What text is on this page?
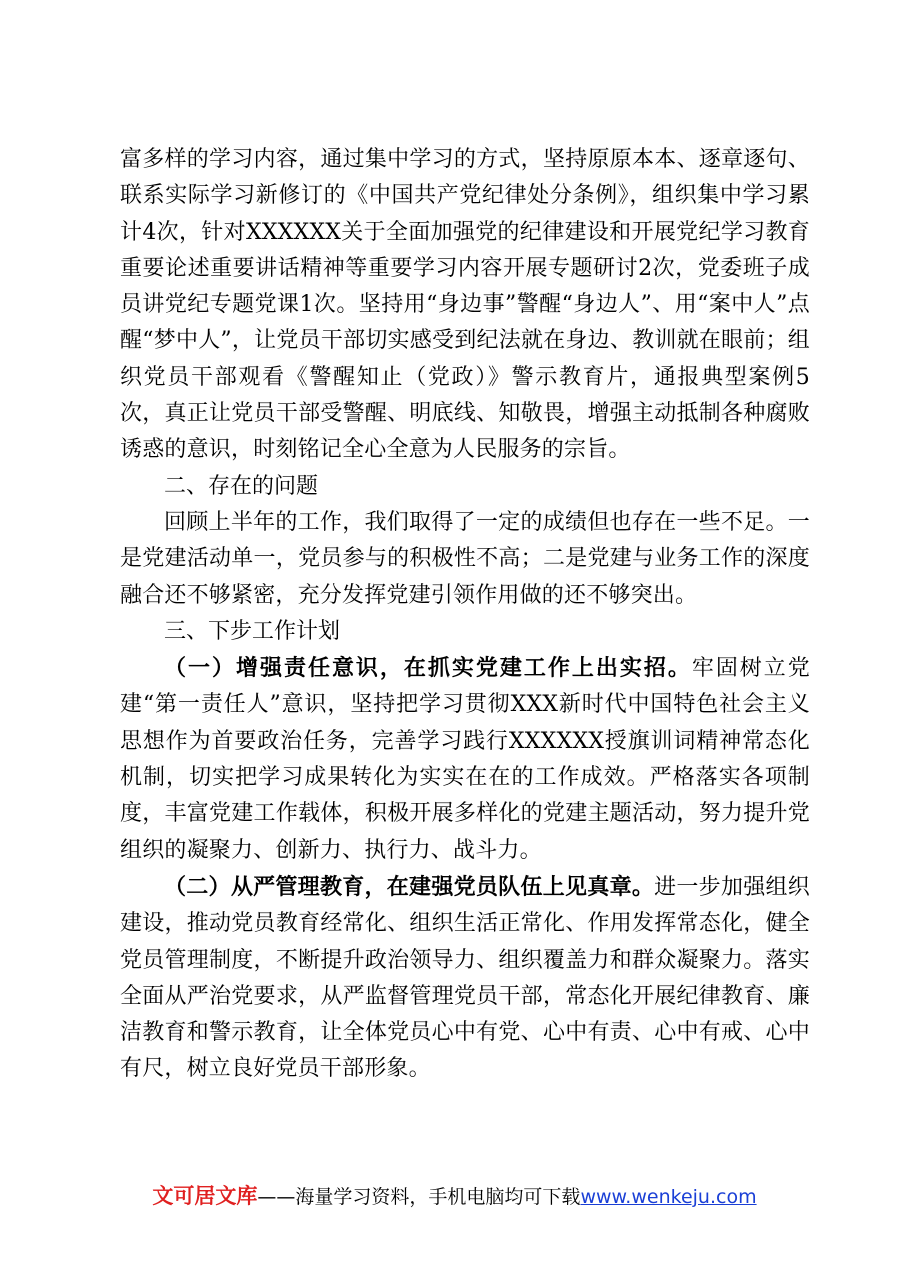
富多样的学习内容，通过集中学习的方式，坚持原原本本、逐章逐句、联系实际学习新修订的《中国共产党纪律处分条例》，组织集中学习累计4次，针对XXXXXX关于全面加强党的纪律建设和开展党纪学习教育重要论述重要讲话精神等重要学习内容开展专题研讨2次，党委班子成员讲党纪专题党课1次。坚持用“身边事”警醒“身边人”、用“案中人”点醒“梦中人”，让党员干部切实感受到纪法就在身边、教训就在眼前；组织党员干部观看《警醒知止（党政）》警示教育片，通报典型案例5次，真正让党员干部受警醒、明底线、知敬畏，增强主动抵制各种腐败诱惑的意识，时刻铭记全心全意为人民服务的宗旨。

二、存在的问题

回顾上半年的工作，我们取得了一定的成绩但也存在一些不足。一是党建活动单一，党员参与的积极性不高；二是党建与业务工作的深度融合还不够紧密，充分发挥党建引领作用做的还不够突出。

三、下步工作计划

（一）增强责任意识，在抓实党建工作上出实招。牢固树立党建“第一责任人”意识，坚持把学习贯彻XXX新时代中国特色社会主义思想作为首要政治任务，完善学习践行XXXXXX授旗训词精神常态化机制，切实把学习成果转化为实实在在的工作成效。严格落实各项制度，丰富党建工作载体，积极开展多样化的党建主题活动，努力提升党组织的凝聚力、创新力、执行力、战斗力。

（二）从严管理教育，在建强党员队伍上见真章。进一步加强组织建设，推动党员教育经常化、组织生活正常化、作用发挥常态化，健全党员管理制度，不断提升政治领导力、组织覆盖力和群众凝聚力。落实全面从严治党要求，从严监督管理党员干部，常态化开展纪律教育、廉洁教育和警示教育，让全体党员心中有党、心中有责、心中有戒、心中有尺，树立良好党员干部形象。

文可居文库——海量学习资料，手机电脑均可下载www.wenkeju.com
